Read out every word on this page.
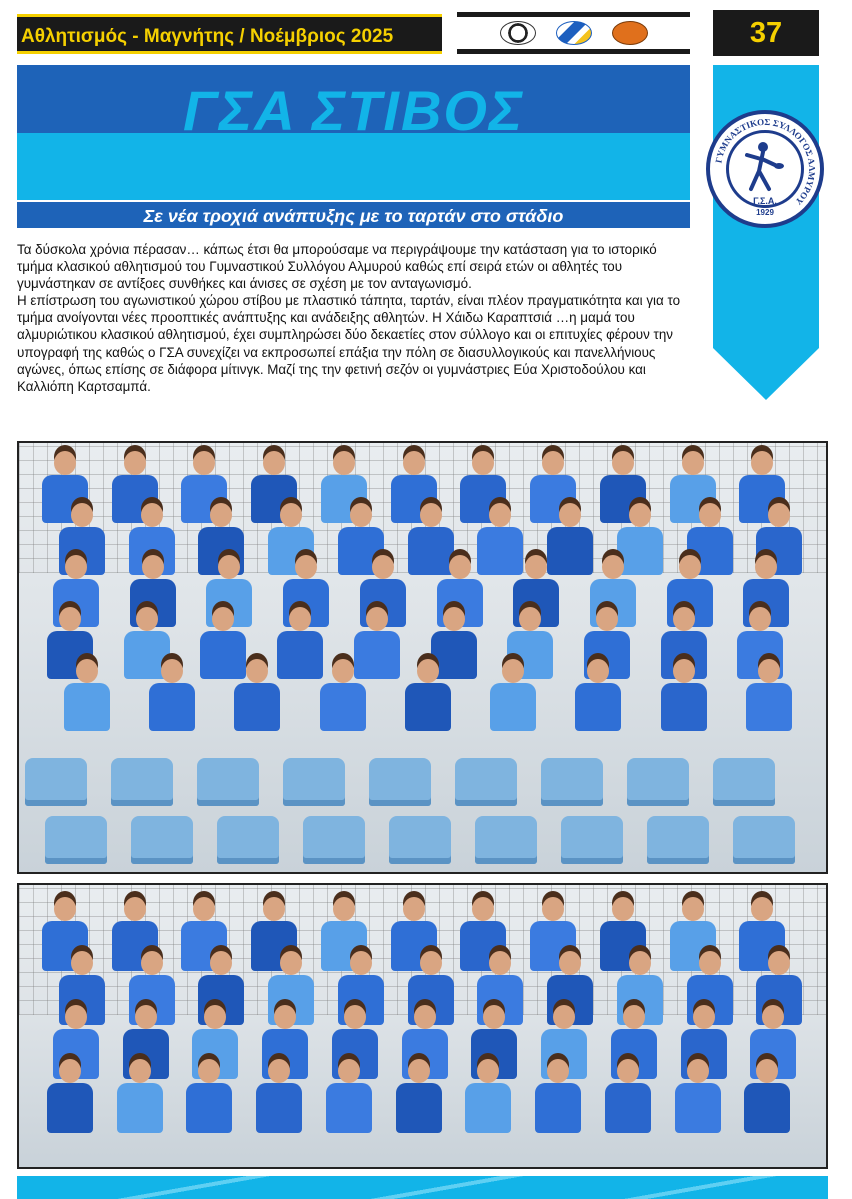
Αθλητισμός - Μαγνήτης / Νοέμβριος 2025	37
ΓΣΑ ΣΤΙΒΟΣ
Σε νέα τροχιά ανάπτυξης με το ταρτάν στο στάδιο
ΓΥΜΝΑΣΤΙΚΟΣ ΣΥΛΛΟΓΟΣ ΑΛΜΥΡΟΥ
Γ.Σ.Α.
1929

Τα δύσκολα χρόνια πέρασαν… κάπως έτσι θα μπορούσαμε να περιγράψουμε την κατάσταση για το ιστορικό τμήμα κλασικού αθλητισμού του Γυμναστικού Συλλόγου Αλμυρού καθώς επί σειρά ετών οι αθλητές του γυμνάστηκαν σε αντίξοες συνθήκες και άνισες σε σχέση με τον ανταγωνισμό.

Η επίστρωση του αγωνιστικού χώρου στίβου με πλαστικό τάπητα, ταρτάν, είναι πλέον πραγματικότητα και για το τμήμα ανοίγονται νέες προοπτικές ανάπτυξης και ανάδειξης αθλητών. Η Χάιδω Καραπτσιά …η μαμά του αλμυριώτικου κλασικού αθλητισμού, έχει συμπληρώσει δύο δεκαετίες στον σύλλογο και οι επιτυχίες φέρουν την υπογραφή της καθώς ο ΓΣΑ συνεχίζει να εκπροσωπεί επάξια την πόλη σε διασυλλογικούς και πανελλήνιους αγώνες, όπως επίσης σε διάφορα μίτινγκ. Μαζί της την φετινή σεζόν οι γυμνάστριες Εύα Χριστοδούλου και Καλλιόπη Καρτσαμπά.
